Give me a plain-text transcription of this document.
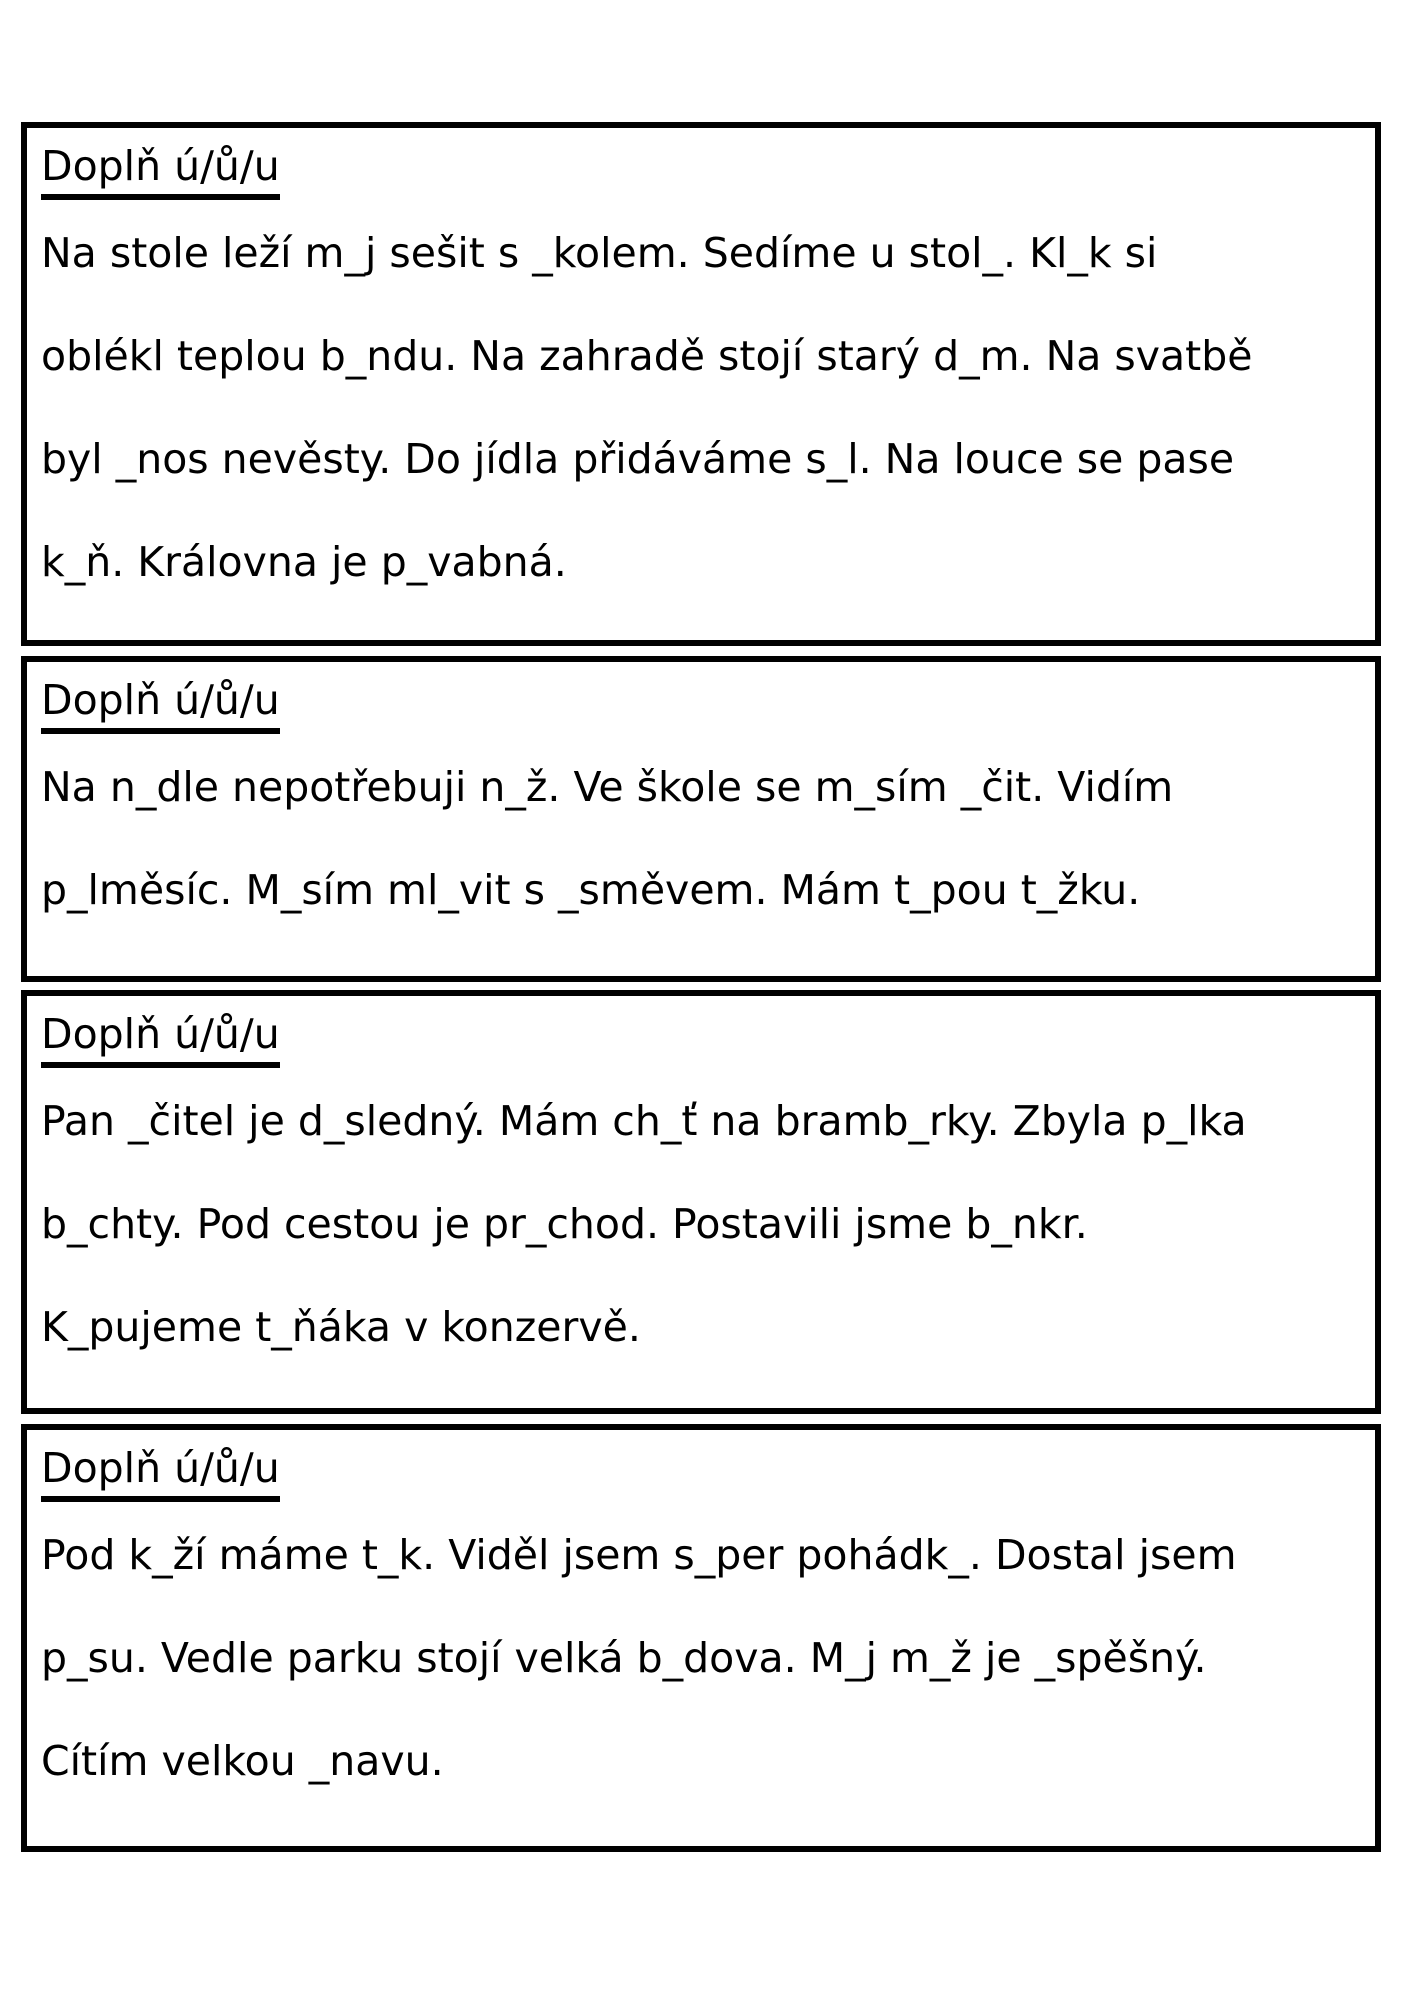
Doplň ú/ů/u
Na stole leží m_j sešit s _kolem. Sedíme u stol_. Kl_k si
oblékl teplou b_ndu. Na zahradě stojí starý d_m. Na svatbě
byl _nos nevěsty. Do jídla přidáváme s_l. Na louce se pase
k_ň. Královna je p_vabná.
Doplň ú/ů/u
Na n_dle nepotřebuji n_ž. Ve škole se m_sím _čit. Vidím
p_lměsíc. M_sím ml_vit s _směvem. Mám t_pou t_žku.
Doplň ú/ů/u
Pan _čitel je d_sledný. Mám ch_ť na bramb_rky. Zbyla p_lka
b_chty. Pod cestou je pr_chod. Postavili jsme b_nkr.
K_pujeme t_ňáka v konzervě.
Doplň ú/ů/u
Pod k_ží máme t_k. Viděl jsem s_per pohádk_. Dostal jsem
p_su. Vedle parku stojí velká b_dova. M_j m_ž je _spěšný.
Cítím velkou _navu.
